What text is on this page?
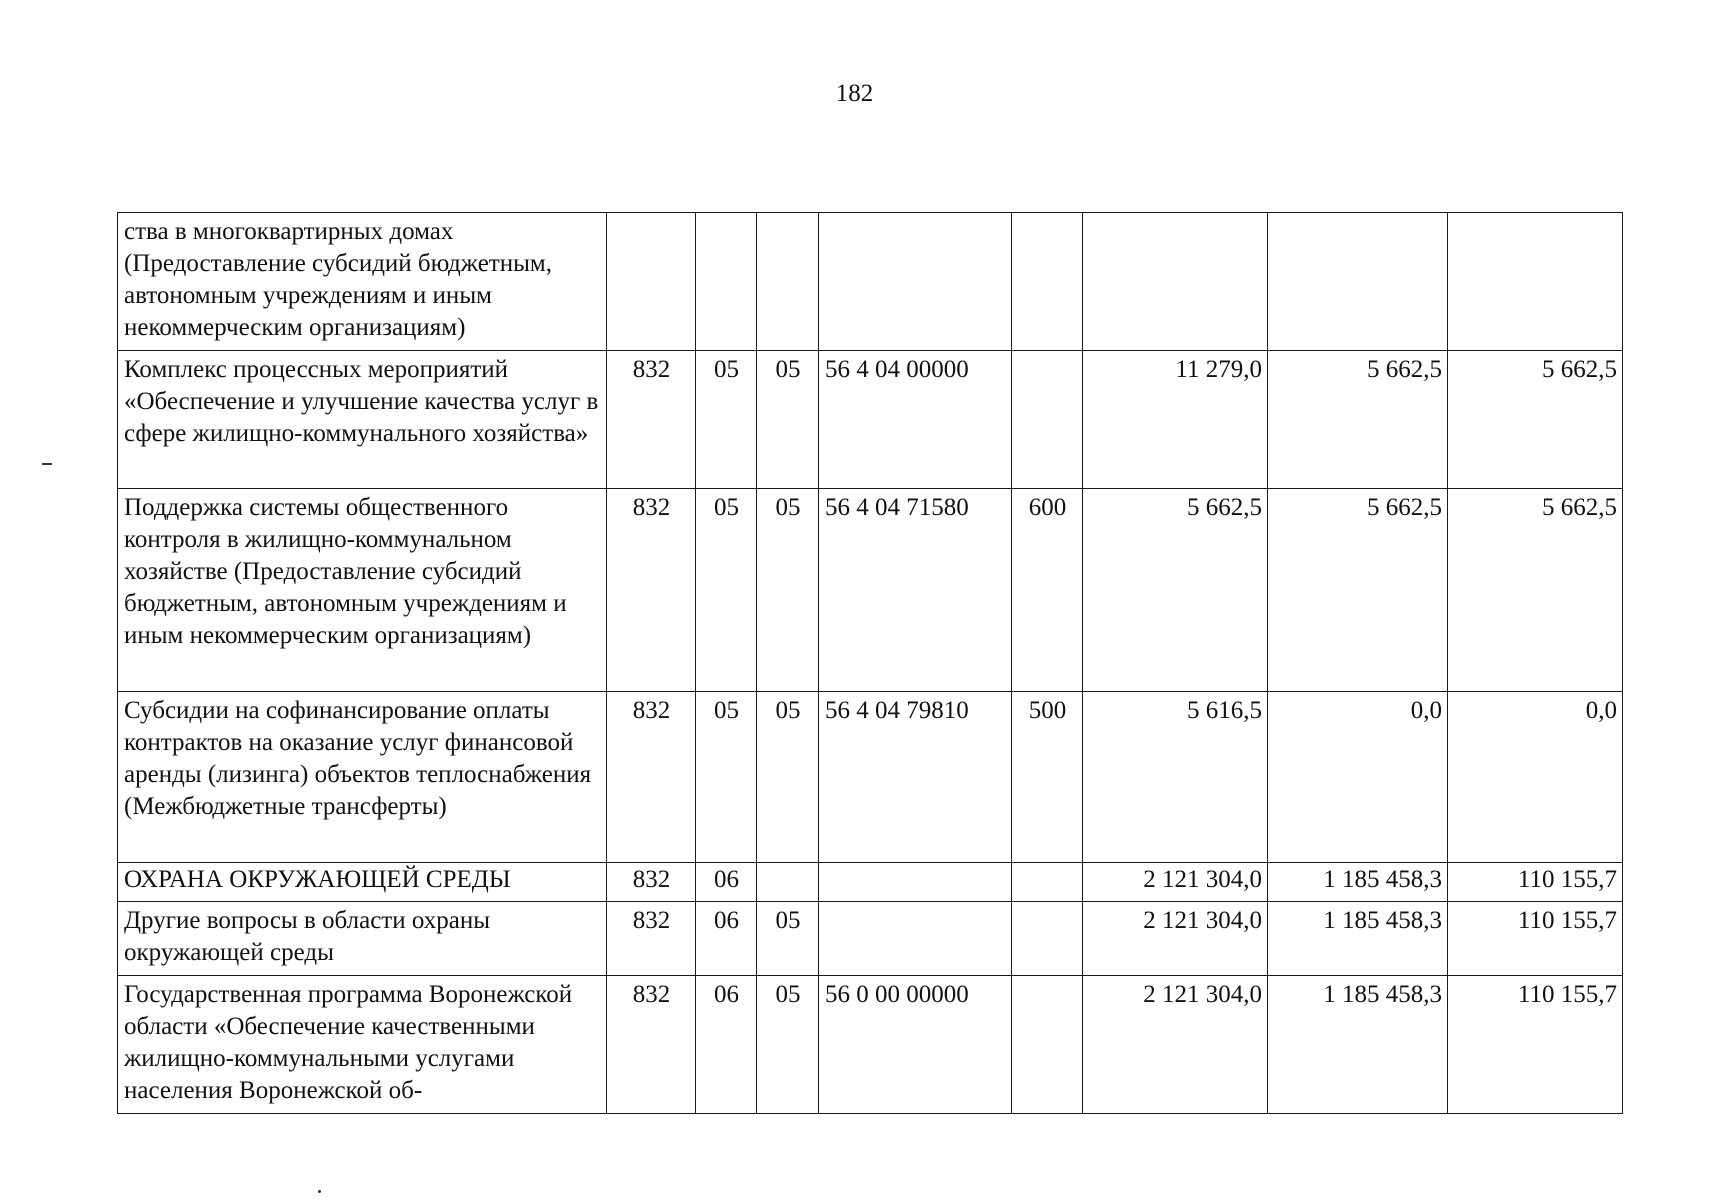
182
ства в многоквартирных домах (Предоставление субсидий бюджетным, автономным учреждениям и иным некоммерческим организациям)								
Комплекс процессных мероприятий «Обеспечение и улучшение качества услуг в сфере жилищно-коммунального хозяйства»	832	05	05	56 4 04 00000		11 279,0	5 662,5	5 662,5
Поддержка системы общественного контроля в жилищно-коммунальном хозяйстве (Предоставление субсидий бюджетным, автономным учреждениям и иным некоммерческим организациям)	832	05	05	56 4 04 71580	600	5 662,5	5 662,5	5 662,5
Субсидии на софинансирование оплаты контрактов на оказание услуг финансовой аренды (лизинга) объектов теплоснабжения (Межбюджетные трансферты)	832	05	05	56 4 04 79810	500	5 616,5	0,0	0,0
ОХРАНА ОКРУЖАЮЩЕЙ СРЕДЫ	832	06				2 121 304,0	1 185 458,3	110 155,7
Другие вопросы в области охраны окружающей среды	832	06	05			2 121 304,0	1 185 458,3	110 155,7
Государственная программа Воронежской области «Обеспечение качественными жилищно-коммунальными услугами населения Воронежской об-	832	06	05	56 0 00 00000		2 121 304,0	1 185 458,3	110 155,7
